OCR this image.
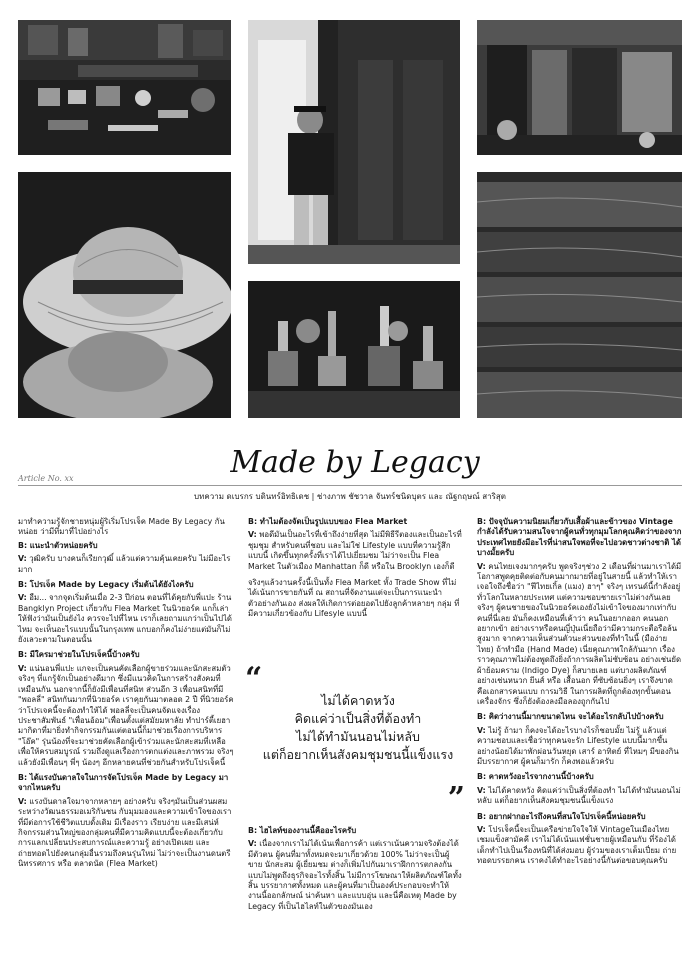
Made by Legacy
Article No. xx
บทความ ดเบรกร บดินทร์อิทธิเดช | ช่างภาพ ชัชวาล จันทร์ชนิดบุตร และ ณัฐกฤษณ์ สาริสุต

มาทำความรู้จักชายหนุ่มผู้ริเริ่มโปรเจ็ค Made By Legacy กันหน่อย ว่ามีที่มาที่ไปอย่างไร

B: แนะนำตัวหน่อยครับ

V: วุฒิครับ บางคนก็เรียกวุฒิ์ แล้วแต่ความคุ้นเคยครับ ไม่มีอะไรมาก

B: โปรเจ็ค Made by Legacy เริ่มต้นได้ยังไงครับ

V: อืม... จากจุดเริ่มต้นเมื่อ 2-3 ปีก่อน ตอนที่ได้คุยกับพี่แปะ ร้าน Bangklyn Project เกี่ยวกับ Flea Market ในนิวยอร์ค แกก็เล่าให้ฟังว่ามันเป็นยังไง ควรจะไปที่ไหน เราก็เลยถามแกว่าเป็นไปได้ไหม จะเห็นอะไรแบบนั้นในกรุงเทพ แกบอกก็คงไม่ง่ายแต่มันก็ไม่ยังเลวะตามในตอนนั้น

B: มีใครมาช่วยในโปรเจ็คนี้บ้างครับ

V: แน่นอนพี่แปะ แกจะเป็นคนคัดเลือกผู้ขายร่วมและนักสะสมตัวจริงๆ ที่แกรู้จักเป็นอย่างดีมาก ซึ่งมีแนวคิดในการสร้างสังคมที่เหมือนกัน นอกจากนี้ก็ยังมีเพื่อนที่สนิท ส่วนอีก 3 เพื่อนสนิทที่มี "พอลลี่" สนิทกันมากที่นิวยอร์ค เราคุยกันมาตลอด 2 ปี ที่นิวยอร์ค ว่าโปรเจคนี้จะต้องทำให้ได้ พอลลี่จะเป็นคนจัดแจงเรื่องประชาสัมพันธ์ "เพื่อนอ้อม"เพื่อนตั้งแต่สมัยมหาลัย ทำปาร์ตี้เยฮามากิดาที่มายิ่งทำกิจกรรมกันแต่ตอนนี้ก็มาช่วยเรื่องการบริหาร "โอ๊ค" รุ่นน้องที่จะมาช่วยคัดเลือกผู้เข้าร่วมและนักสะสมที่เหลือเพื่อให้ครบสมบูรณ์ รวมถึงดูแลเรื่องการตกแต่งและภาพรวม จริงๆแล้วยังมีเพื่อนๆ พี่ๆ น้องๆ อีกหลายคนที่ช่วยกันสำหรับโปรเจ็คนี้

B: ได้แรงบันดาลใจในการจัดโปรเจ็ค Made by Legacy มาจากไหนครับ

V: แรงบันดาลใจมาจากหลายๆ อย่างครับ จริงๆมันเป็นส่วนผสมระหว่างวัฒนธรรมอเมริกันชน กับมุมมองและความเข้าใจของเราที่มีต่อการใช้ชีวิตแบบดั้งเดิม มีเรื่องราว เรียบง่าย และมีเสน่ห์ กิจกรรมส่วนใหญ่ของกลุ่มคนที่มีความคิดแบบนี้จะต้องเกี่ยวกับ การแลกเปลี่ยนประสบการณ์และความรู้ อย่างเปิดเผย และถ่ายทอดไปยังคนกลุ่มอื่นรวมถึงคนรุ่นใหม่ ไม่ว่าจะเป็นงานดนตรี นิทรรศการ หรือ ตลาดนัด (Flea Market)

B: ทำไมต้องจัดเป็นรูปแบบของ Flea Market

V: พอดีมันเป็นอะไรที่เข้าถึงง่ายที่สุด ไม่มีพิธีรีตองและเป็นอะไรที่ชุมชุม สำหรับคนที่ชอบ และไม่ใช่ Lifestyle แบบที่ความรู้สึกแบบนี้ เกิดขึ้นทุกครั้งที่เราได้ไปเยี่ยมชม ไม่ว่าจะเป็น Flea Market ในตัวเมือง Manhattan ก็ดี หรือใน Brooklyn เองก็ดี

จริงๆแล้วงานครั้งนี้เป็นทั้ง Flea Market ทั้ง Trade Show ที่ไม่ได้เน้นการขายกันที่ ณ สถานที่จัดงานแต่จะเป็นการแนะนำตัวอย่างกันเอง ส่งผลให้เกิดการต่อยอดไปยังลูกค้าหลายๆ กลุ่ม ที่มีความเกี่ยวข้องกับ Lifesyle แบบนี้

“
ไม่ได้คาดหวัง
คิดแค่ว่าเป็นสิ่งที่ต้องทำ
ไม่ได้ทำมันนอนไม่หลับ
แต่ก็อยากเห็นสังคมชุมชนนี้แข็งแรง
”

B: ไฮไลท์ของงานนี้คืออะไรครับ

V: เนื่องจากเราไม่ได้เน้นเพื่อการค้า แต่เราเน้นความจริงต้องได้ มีตัวตน ผู้คนที่มาทั้งหมดจะมาเกี่ยวด้วย 100% ไม่ว่าจะเป็นผู้ขาย นักสะสม ผู้เยี่ยมชม ต่างก็เพิ่มไปกันมาเราฝึกการตกลงกัน แบบไม่พูดถึงธุรกิจอะไรทั้งสิ้น ไม่มีการโฆษณาให้ผลิตภัณฑ์ใดทั้งสิ้น บรรยากาศทั้งหมด และผู้คนที่มาเป็นองค์ประกอบจะทำให้งานนี้ออกลักษณ์ น่าค้นหา และแบบอุ่น และนี่คือเหตุ Made by Legacy ที่เป็นไฮไลท์ในตัวของมันเอง

B: ปัจจุบันความนิยมเกี่ยวกับเสื้อผ้าและข้าวของ Vintage กำลังได้รับความสนใจจากผู้คนทั่วทุกมุมโลกคุณคิดว่าของจากประเทศไทยยังมีอะไรที่น่าสนใจพอที่จะไปอวดชาวต่างชาติ ได้บางมั้ยครับ

V: คนไทยเจงมากๆครับ พูดจริงๆช่วง 2 เดือนที่ผ่านมาเราได้มีโอกาสพูดคุยติดต่อกับคนมากมายที่อยู่ในสายนี้ แล้วทำให้เราเจอใจถึงชื่อว่า "ฟีไทยเกิ้ล (แมง) ฮาๆ" จริงๆ เทรนด์นี้กำลังอยู่ทั่วโลกในหลายประเทศ แต่ความชอบชายเราไม่ต่างกันเลยจริงๆ ผู้คนชายของในนิวยอร์คเองยังไม่เข้าใจของมากเท่ากับคนที่นี่เลย มันก็คงเหมือนที่เค้าว่า คนในอยากออก คนนอกอยากเข้า อย่างเราหรือคนญี่ปุ่นเนี่ยถือว่ามีความกระตือรือล้นสูงมาก จากความเห็นส่วนตัวนะส่วนของที่ทำในนี้ (มือง่ายไทย) ถ้าทำมือ (Hand Made) เนี่ยคุณภาพใกล้กันมาก เรื่องราวคุณภาพไม่ต้องพูดถึงยิ่งถ้าการผลิตไม่ซับซ้อน อย่างเช่นยัด ผ้าย้อมคราม (Indigo Dye) ก็สบายเลย แต่บางผลิตภัณฑ์อย่างเช่นหนวก ยีนส์ หรือ เสื้อนอก ที่ซับซ้อนยิ่งๆ เราจึงขาดคือเอกสารคนแบบ การมวิธี ในการผลิตที่ถูกต้องทุกขั้นตอนเครื่องจักร ซึ่งก็ยังต้องลงมือลองถูกกันไป

B: คิดว่างานนี้มากขนาดไหน จะได้อะไรกลับไปบ้างครับ

V: ไม่รู้ ถ้ามา ก็คงจะได้อะไรบางไรก็ชอบมั้ย ไม่รู้ แล้วแต่ความชอบและเชื่อว่าทุกคนจะรัก Lifestyle แบบนี้มากขึ้นอย่างน้อยได้มาพักผ่อนวันหยุด เสาร์ อาทิตย์ ที่ไหมๆ มีของกิน มีบรรยากาศ ผู้คนก็มารัก ก็คงพอแล้วครับ

B: คาดหวังอะไรจากงานนี้บ้างครับ

V: ไม่ได้คาดหวัง คิดแค่ว่าเป็นสิ่งที่ต้องทำ ไม่ได้ทำมันนอนไม่หลับ แต่ก็อยากเห็นสังคมชุมชนนี้แข็งแรง

B: อยากฝากอะไรถึงคนที่สนใจโปรเจ็คนี้หน่อยครับ

V: โปรเจ็คนี้จะเป็นเครือข่ายใจใจให้ Vintageในเมืองไทย เชมแข็งสามัคคี เราไม่ได้เน้นแฟชั่นชายผู้เหมือนกับ ที่ร้องได้เด็กทำไปเป็นเรื่องหนิที่ได้ส่งมอบ ผู้ร่วมของเราเต็มเปี่ยม ถ่ายทอดบรรยกคน เราคงได้ทำอะไรอย่างนี้กันต่อขอบคุณครับ
